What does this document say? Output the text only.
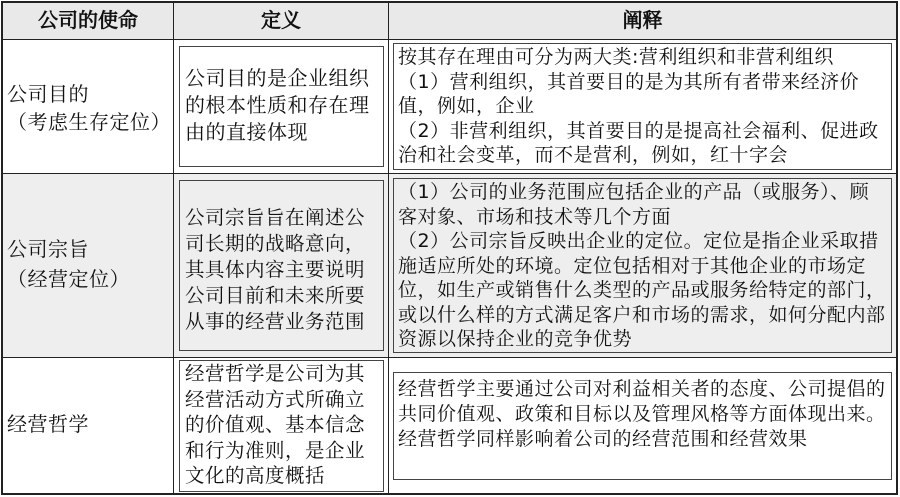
公司的使命	定义	阐释
公司目的
（考虑生存定位）
公司目的是企业组织的根本性质和存在理由的直接体现
按其存在理由可分为两大类:营利组织和非营利组织
（1）营利组织，其首要目的是为其所有者带来经济价值，例如，企业
（2）非营利组织，其首要目的是提高社会福利、促进政治和社会变革，而不是营利，例如，红十字会
公司宗旨
（经营定位）
公司宗旨旨在阐述公司长期的战略意向，其具体内容主要说明公司目前和未来所要从事的经营业务范围
（1）公司的业务范围应包括企业的产品（或服务）、顾客对象、市场和技术等几个方面
（2）公司宗旨反映出企业的定位。定位是指企业采取措施适应所处的环境。定位包括相对于其他企业的市场定位，如生产或销售什么类型的产品或服务给特定的部门，或以什么样的方式满足客户和市场的需求，如何分配内部资源以保持企业的竞争优势
经营哲学
经营哲学是公司为其经营活动方式所确立的价值观、基本信念和行为准则，是企业文化的高度概括
经营哲学主要通过公司对利益相关者的态度、公司提倡的共同价值观、政策和目标以及管理风格等方面体现出来。经营哲学同样影响着公司的经营范围和经营效果
